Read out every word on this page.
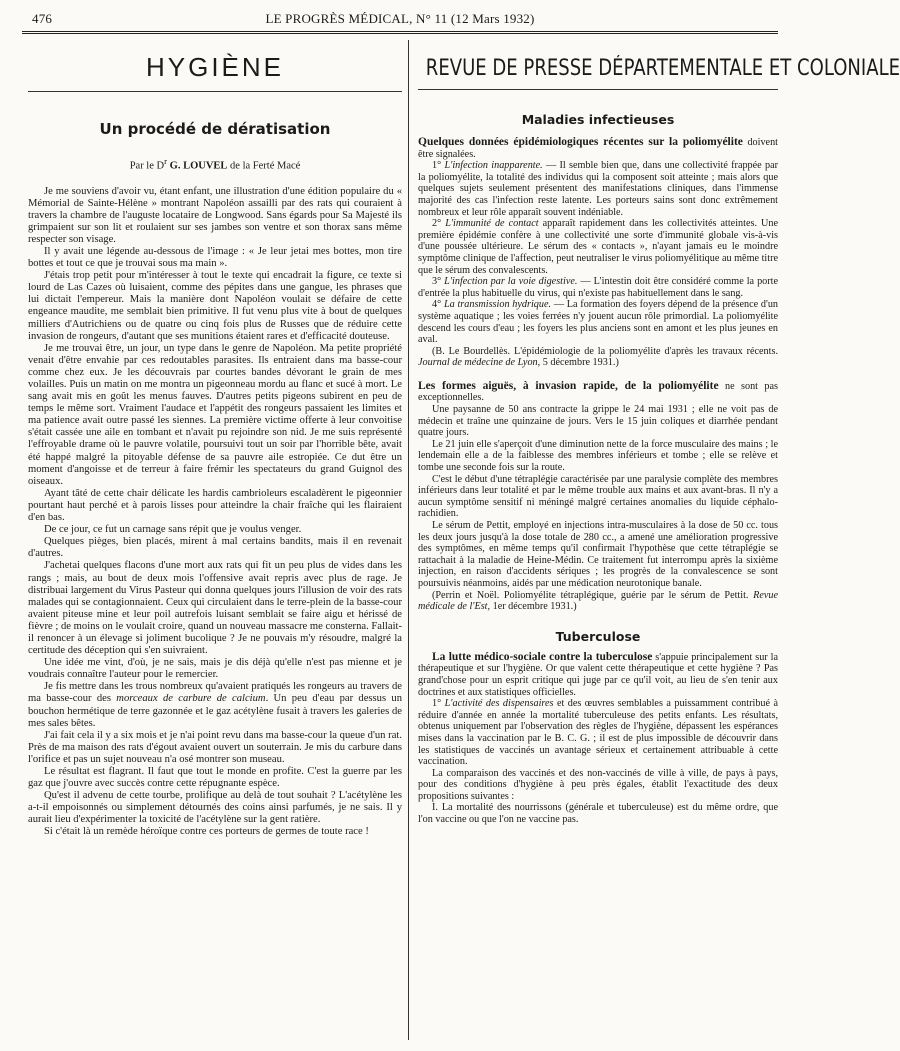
476	LE PROGRÈS MÉDICAL, N° 11 (12 Mars 1932)
HYGIÈNE
Un procédé de dératisation
Par le $D^r$ G. LOUVEL de la Ferté Macé

Je me souviens d'avoir vu, étant enfant, une illustration d'une édition populaire du « Mémorial de Sainte-Hélène » montrant Napoléon assailli par des rats qui couraient à travers la chambre de l'auguste locataire de Longwood. Sans égards pour Sa Majesté ils grimpaient sur son lit et roulaient sur ses jambes son ventre et son thorax sans même respecter son visage.

Il y avait une légende au-dessous de l'image : « Je leur jetai mes bottes, mon tire bottes et tout ce que je trouvai sous ma main ».

J'étais trop petit pour m'intéresser à tout le texte qui encadrait la figure, ce texte si lourd de Las Cazes où luisaient, comme des pépites dans une gangue, les phrases que lui dictait l'empereur. Mais la manière dont Napoléon voulait se défaire de cette engeance maudite, me semblait bien primitive. Il fut venu plus vite à bout de quelques milliers d'Autrichiens ou de quatre ou cinq fois plus de Russes que de réduire cette invasion de rongeurs, d'autant que ses munitions étaient rares et d'efficacité douteuse.

Je me trouvai être, un jour, un type dans le genre de Napoléon. Ma petite propriété venait d'être envahie par ces redoutables parasites. Ils entraient dans ma basse-cour comme chez eux. Je les découvrais par courtes bandes dévorant le grain de mes volailles. Puis un matin on me montra un pigeonneau mordu au flanc et sucé à mort. Le sang avait mis en goût les menus fauves. D'autres petits pigeons subirent en peu de temps le même sort. Vraiment l'audace et l'appétit des rongeurs passaient les limites et ma patience avait outre passé les siennes. La première victime offerte à leur convoitise s'était cassée une aile en tombant et n'avait pu rejoindre son nid. Je me suis représenté l'effroyable drame où le pauvre volatile, poursuivi tout un soir par l'horrible bête, avait été happé malgré la pitoyable défense de sa pauvre aile estropiée. Ce dut être un moment d'angoisse et de terreur à faire frémir les spectateurs du grand Guignol des oiseaux.

Ayant tâté de cette chair délicate les hardis cambrioleurs escaladèrent le pigeonnier pourtant haut perché et à parois lisses pour atteindre la chair fraîche qui les flairaient d'en bas.

De ce jour, ce fut un carnage sans répit que je voulus venger.

Quelques pièges, bien placés, mirent à mal certains bandits, mais il en revenait d'autres.

J'achetai quelques flacons d'une mort aux rats qui fit un peu plus de vides dans les rangs ; mais, au bout de deux mois l'offensive avait repris avec plus de rage. Je distribuai largement du Virus Pasteur qui donna quelques jours l'illusion de voir des rats malades qui se contagionnaient. Ceux qui circulaient dans le terre-plein de la basse-cour avaient piteuse mine et leur poil autrefois luisant semblait se faire aigu et hérissé de fièvre ; de moins on le voulait croire, quand un nouveau massacre me consterna. Fallait-il renoncer à un élevage si joliment bucolique ? Je ne pouvais m'y résoudre, malgré la certitude des déception qui s'en suivraient.

Une idée me vint, d'où, je ne sais, mais je dis déjà qu'elle n'est pas mienne et je voudrais connaître l'auteur pour le remercier.

Je fis mettre dans les trous nombreux qu'avaient pratiqués les rongeurs au travers de ma basse-cour des morceaux de carbure de calcium. Un peu d'eau par dessus un bouchon hermétique de terre gazonnée et le gaz acétylène fusait à travers les galeries de mes sales bêtes.

J'ai fait cela il y a six mois et je n'ai point revu dans ma basse-cour la queue d'un rat. Près de ma maison des rats d'égout avaient ouvert un souterrain. Je mis du carbure dans l'orifice et pas un sujet nouveau n'a osé montrer son museau.

Le résultat est flagrant. Il faut que tout le monde en profite. C'est la guerre par les gaz que j'ouvre avec succès contre cette répugnante espèce.

Qu'est il advenu de cette tourbe, prolifique au delà de tout souhait ? L'acétylène les a-t-il empoisonnés ou simplement détournés des coins ainsi parfumés, je ne sais. Il y aurait lieu d'expérimenter la toxicité de l'acétylène sur la gent ratière.

Si c'était là un remède héroïque contre ces porteurs de germes de toute race !

REVUE DE PRESSE DÉPARTEMENTALE ET COLONIALE
Maladies infectieuses

Quelques données épidémiologiques récentes sur la poliomyélite doivent être signalées.

1° L'infection inapparente. — Il semble bien que, dans une collectivité frappée par la poliomyélite, la totalité des individus qui la composent soit atteinte ; mais alors que quelques sujets seulement présentent des manifestations cliniques, dans l'immense majorité des cas l'infection reste latente. Les porteurs sains sont donc extrêmement nombreux et leur rôle apparaît souvent indéniable.

2° L'immunité de contact apparaît rapidement dans les collectivités atteintes. Une première épidémie confère à une collectivité une sorte d'immunité globale vis-à-vis d'une poussée ultérieure. Le sérum des « contacts », n'ayant jamais eu le moindre symptôme clinique de l'affection, peut neutraliser le virus poliomyélitique au même titre que le sérum des convalescents.

3° L'infection par la voie digestive. — L'intestin doit être considéré comme la porte d'entrée la plus habituelle du virus, qui n'existe pas habituellement dans le sang.

4° La transmission hydrique. — La formation des foyers dépend de la présence d'un système aquatique ; les voies ferrées n'y jouent aucun rôle primordial. La poliomyélite descend les cours d'eau ; les foyers les plus anciens sont en amont et les plus jeunes en aval.

(B. Le Bourdellès. L'épidémiologie de la poliomyélite d'après les travaux récents. Journal de médecine de Lyon, 5 décembre 1931.)

Les formes aiguës, à invasion rapide, de la poliomyélite ne sont pas exceptionnelles.

Une paysanne de 50 ans contracte la grippe le 24 mai 1931 ; elle ne voit pas de médecin et traîne une quinzaine de jours. Vers le 15 juin coliques et diarrhée pendant quatre jours.

Le 21 juin elle s'aperçoit d'une diminution nette de la force musculaire des mains ; le lendemain elle a de la faiblesse des membres inférieurs et tombe ; elle se relève et tombe une seconde fois sur la route.

C'est le début d'une tétraplégie caractérisée par une paralysie complète des membres inférieurs dans leur totalité et par le même trouble aux mains et aux avant-bras. Il n'y a aucun symptôme sensitif ni méningé malgré certaines anomalies du liquide céphalo-rachidien.

Le sérum de Pettit, employé en injections intra-musculaires à la dose de 50 cc. tous les deux jours jusqu'à la dose totale de 280 cc., a amené une amélioration progressive des symptômes, en même temps qu'il confirmait l'hypothèse que cette tétraplégie se rattachait à la maladie de Heine-Médin. Ce traitement fut interrompu après la sixième injection, en raison d'accidents sériques ; les progrès de la convalescence se sont poursuivis néanmoins, aidés par une médication neurotonique banale.

(Perrin et Noël. Poliomyélite tétraplégique, guérie par le sérum de Pettit. Revue médicale de l'Est, 1er décembre 1931.)

Tuberculose

La lutte médico-sociale contre la tuberculose s'appuie principalement sur la thérapeutique et sur l'hygiène. Or que valent cette thérapeutique et cette hygiène ? Pas grand'chose pour un esprit critique qui juge par ce qu'il voit, au lieu de s'en tenir aux doctrines et aux statistiques officielles.

1° L'activité des dispensaires et des œuvres semblables a puissamment contribué à réduire d'année en année la mortalité tuberculeuse des petits enfants. Les résultats, obtenus uniquement par l'observation des règles de l'hygiène, dépassent les espérances mises dans la vaccination par le B. C. G. ; il est de plus impossible de découvrir dans les statistiques de vaccinés un avantage sérieux et certainement attribuable à cette vaccination.

La comparaison des vaccinés et des non-vaccinés de ville à ville, de pays à pays, pour des conditions d'hygiène à peu près égales, établit l'exactitude des deux propositions suivantes :

I. La mortalité des nourrissons (générale et tuberculeuse) est du même ordre, que l'on vaccine ou que l'on ne vaccine pas.
